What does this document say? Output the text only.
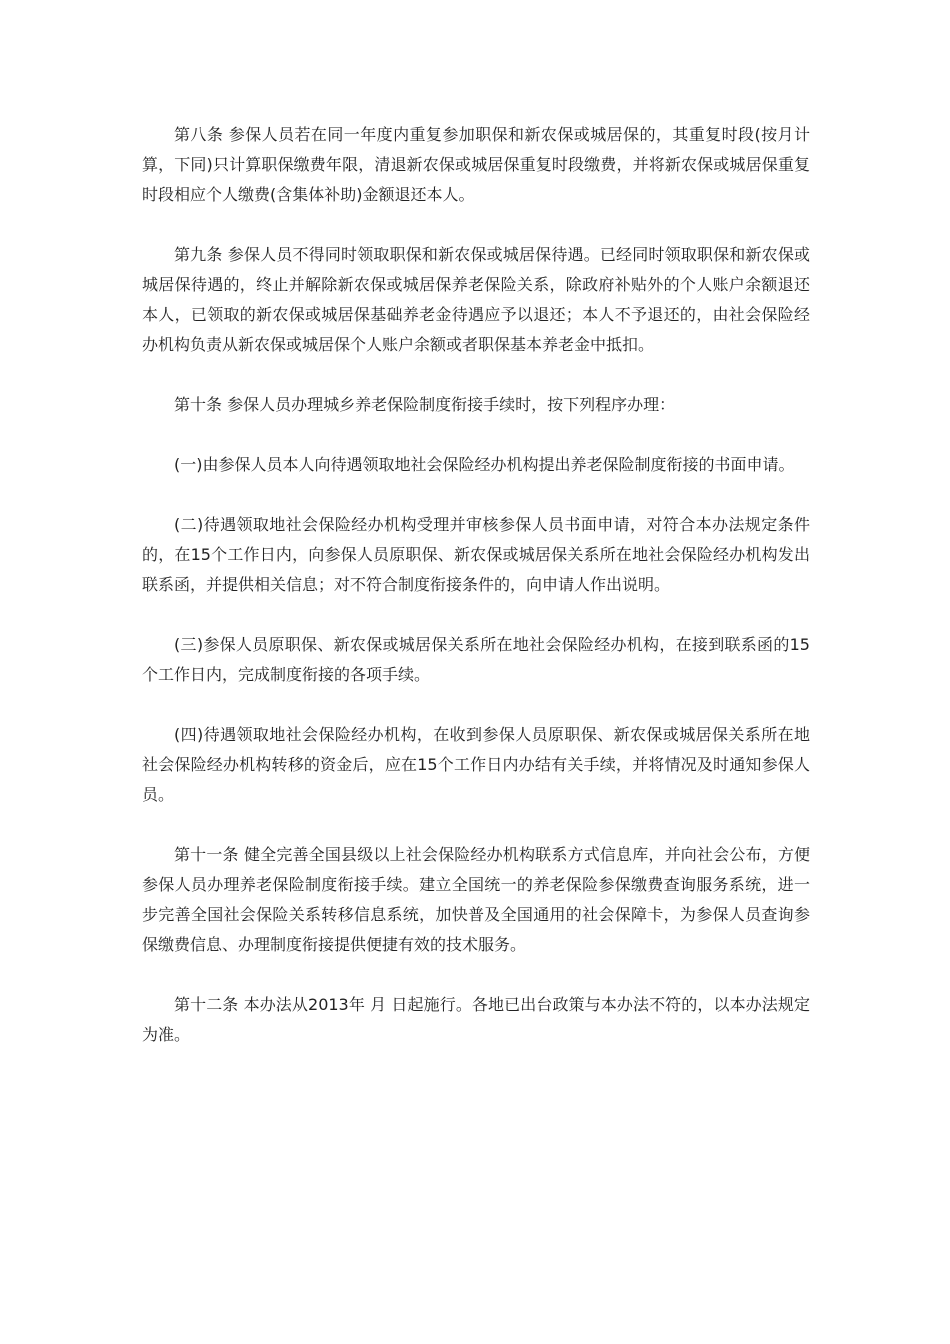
第八条 参保人员若在同一年度内重复参加职保和新农保或城居保的，其重复时段(按月计算，下同)只计算职保缴费年限，清退新农保或城居保重复时段缴费，并将新农保或城居保重复时段相应个人缴费(含集体补助)金额退还本人。

第九条 参保人员不得同时领取职保和新农保或城居保待遇。已经同时领取职保和新农保或城居保待遇的，终止并解除新农保或城居保养老保险关系，除政府补贴外的个人账户余额退还本人，已领取的新农保或城居保基础养老金待遇应予以退还；本人不予退还的，由社会保险经办机构负责从新农保或城居保个人账户余额或者职保基本养老金中抵扣。

第十条 参保人员办理城乡养老保险制度衔接手续时，按下列程序办理：

(一)由参保人员本人向待遇领取地社会保险经办机构提出养老保险制度衔接的书面申请。

(二)待遇领取地社会保险经办机构受理并审核参保人员书面申请，对符合本办法规定条件的，在15个工作日内，向参保人员原职保、新农保或城居保关系所在地社会保险经办机构发出联系函，并提供相关信息；对不符合制度衔接条件的，向申请人作出说明。

(三)参保人员原职保、新农保或城居保关系所在地社会保险经办机构，在接到联系函的15个工作日内，完成制度衔接的各项手续。

(四)待遇领取地社会保险经办机构，在收到参保人员原职保、新农保或城居保关系所在地社会保险经办机构转移的资金后，应在15个工作日内办结有关手续，并将情况及时通知参保人员。

第十一条 健全完善全国县级以上社会保险经办机构联系方式信息库，并向社会公布，方便参保人员办理养老保险制度衔接手续。建立全国统一的养老保险参保缴费查询服务系统，进一步完善全国社会保险关系转移信息系统，加快普及全国通用的社会保障卡，为参保人员查询参保缴费信息、办理制度衔接提供便捷有效的技术服务。

第十二条 本办法从2013年 月 日起施行。各地已出台政策与本办法不符的，以本办法规定为准。
